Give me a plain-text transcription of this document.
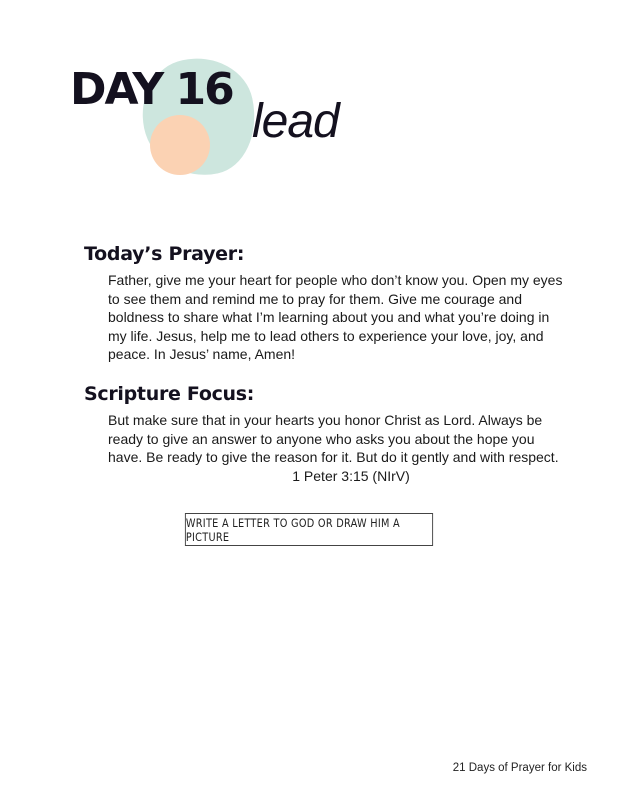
DAY 16
lead
Today’s Prayer:

Father, give me your heart for people who don’t know you. Open my eyes to see them and remind me to pray for them. Give me courage and boldness to share what I’m learning about you and what you’re doing in my life. Jesus, help me to lead others to experience your love, joy, and peace. In Jesus’ name, Amen!

Scripture Focus:

But make sure that in your hearts you honor Christ as Lord. Always be ready to give an answer to anyone who asks you about the hope you have. Be ready to give the reason for it. But do it gently and with respect.

1 Peter 3:15 (NIrV)
WRITE A LETTER TO GOD OR DRAW HIM A PICTURE
21 Days of Prayer for Kids
